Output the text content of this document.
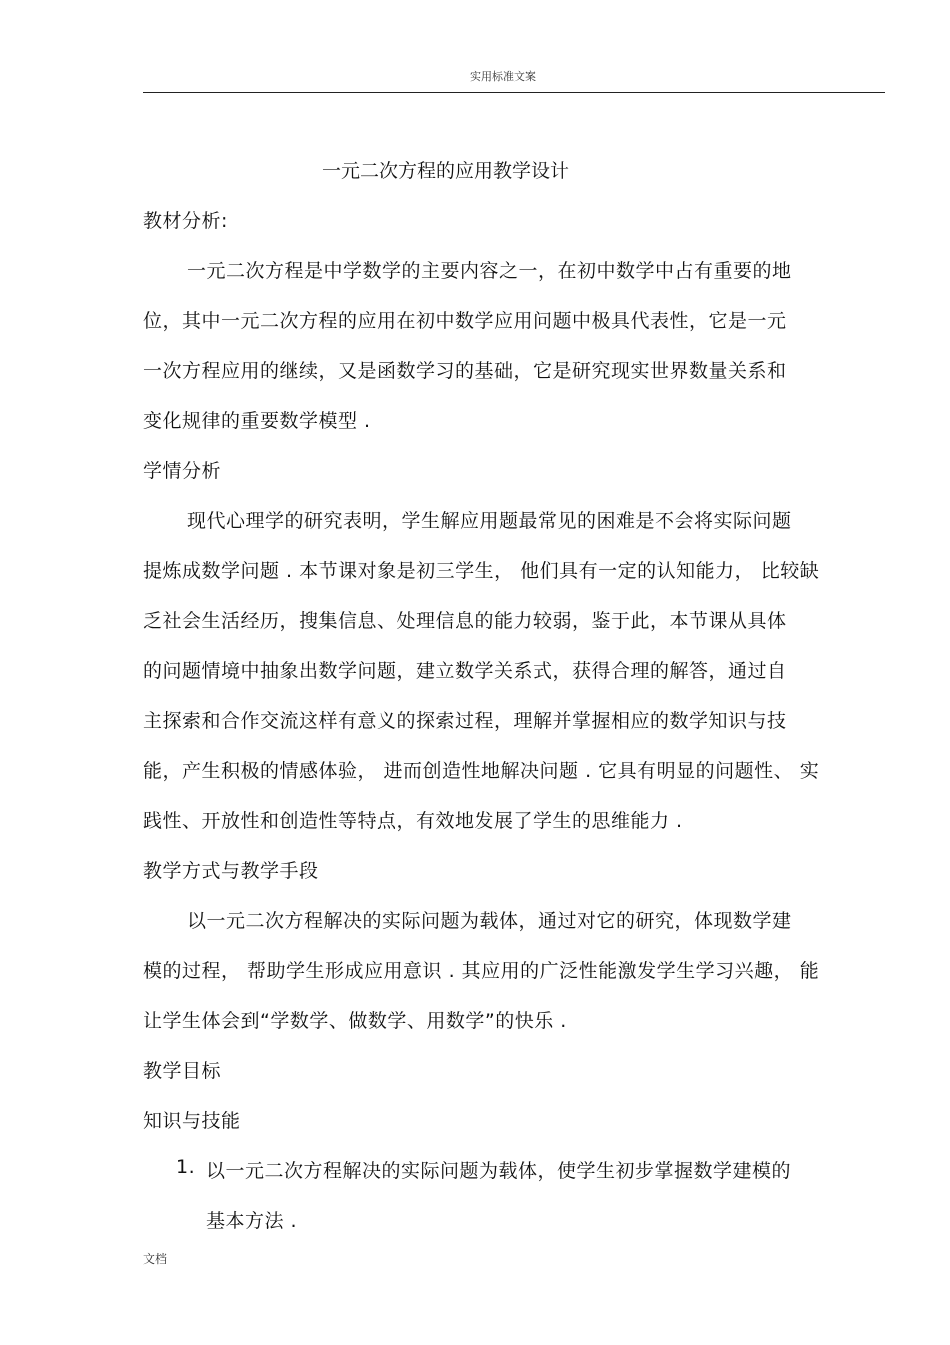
实用标准文案
一元二次方程的应用教学设计
教材分析:
一元二次方程是中学数学的主要内容之一，在初中数学中占有重要的地
位，其中一元二次方程的应用在初中数学应用问题中极具代表性，它是一元
一次方程应用的继续，又是函数学习的基础，它是研究现实世界数量关系和
变化规律的重要数学模型 .
学情分析
现代心理学的研究表明，学生解应用题最常见的困难是不会将实际问题
提炼成数学问题 . 本节课对象是初三学生， 他们具有一定的认知能力， 比较缺
乏社会生活经历，搜集信息、处理信息的能力较弱，鉴于此，本节课从具体
的问题情境中抽象出数学问题，建立数学关系式，获得合理的解答，通过自
主探索和合作交流这样有意义的探索过程，理解并掌握相应的数学知识与技
能，产生积极的情感体验， 进而创造性地解决问题 . 它具有明显的问题性、 实
践性、开放性和创造性等特点，有效地发展了学生的思维能力 .
教学方式与教学手段
以一元二次方程解决的实际问题为载体，通过对它的研究，体现数学建
模的过程， 帮助学生形成应用意识 . 其应用的广泛性能激发学生学习兴趣， 能
让学生体会到“学数学、做数学、用数学”的快乐 .
教学目标
知识与技能
1. 以一元二次方程解决的实际问题为载体，使学生初步掌握数学建模的
基本方法 .
文档
